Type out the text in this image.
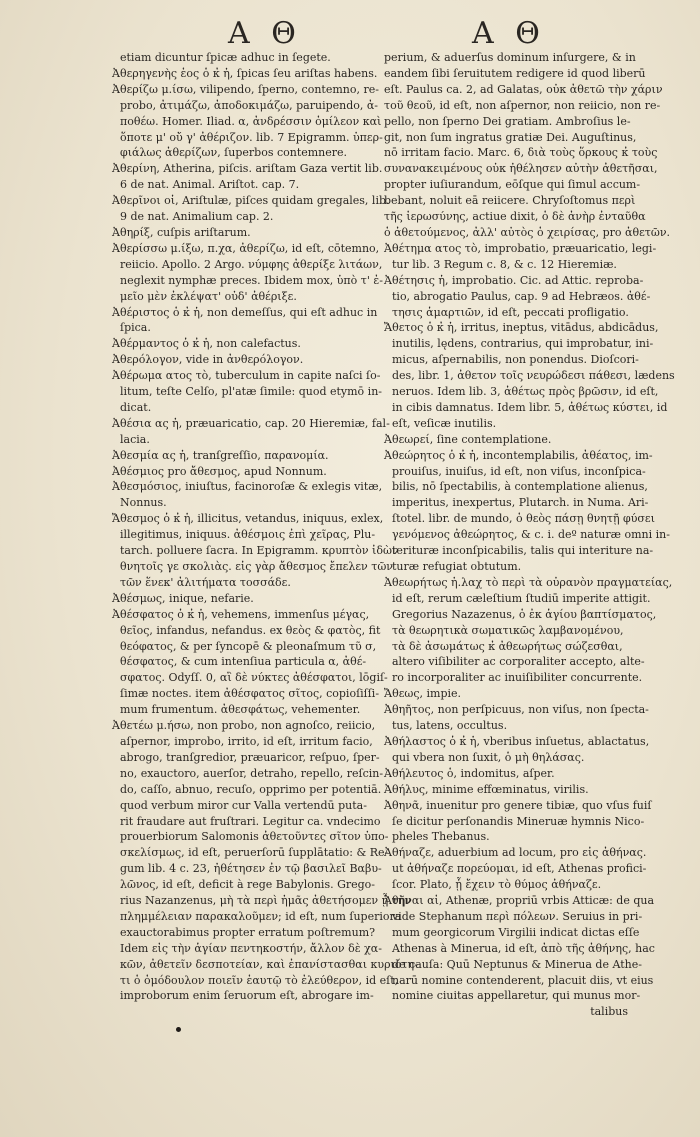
A Θ	A Θ
etiam dicuntur ſpicæ adhuc in ſegete.
Ἀθερηγενὴς ἑος ὁ κ̓ ἡ, ſpicas ſeu ariſtas habens.
Ἀθερίζω μ.ίσω, vilipendo, ſperno, contemno, re-
probo, ἀτιμάζω, ἀποδοκιμάζω, paruipendo, ἀ-
ποθέω. Homer. Iliad. α, ἀνδρέσσιν ὁμίλεον καὶ
ὅποτε μ' οὔ γ' ἀθέριζον. lib. 7 Epigramm. ὑπερ-
φιάλως ἀθερίζων, ſuperbos contemnere.
Ἀθερίνη, Atherina, piſcis. ariſtam Gaza vertit lib.
6 de nat. Animal. Ariſtot. cap. 7.
Ἀθερῖνοι οἱ, Ariſtulæ, piſces quidam gregales, lib.
9 de nat. Animalium cap. 2.
Ἀθηρίξ, cuſpis ariſtarum.
Ἀθερίσσω μ.ίξω, π.χα, ἀθερίζω, id eſt, cōtemno,
reiicio. Apollo. 2 Argo. νύμφης ἀθερίξε λιτάων,
neglexit nymphæ preces. Ibidem mox, ὑπὸ τ' ἐ-
μεῖο μὲν ἐκλέψατ' οὐδ' ἀθέριξε.
Ἀθέριστος ὁ κ̓ ἡ, non demeſſus, qui eſt adhuc in
ſpica.
Ἀθέρμαντος ὁ κ̓ ἡ, non calefactus.
Ἀθερόλογον, vide in ἀνθερόλογον.
Ἀθέρωμα ατος τὸ, tuberculum in capite naſci ſo-
litum, teſte Celſo, pl'atæ ſimile: quod etymō in-
dicat.
Ἀθέσια ας ἡ, præuaricatio, cap. 20 Hieremiæ, fal-
lacia.
Ἀθεσμία ας ἡ, tranſgreſſio, παρανομία.
Ἀθέσμιος pro ἄθεσμος, apud Nonnum.
Ἀθεσμόσιος, iniuſtus, facinoroſæ & exlegis vitæ,
Nonnus.
Ἄθεσμος ὁ κ̓ ἡ, illicitus, vetandus, iniquus, exlex,
illegitimus, iniquus. ἀθέσμοις ἐπὶ χεῖρας, Plu-
tarch. polluere ſacra. In Epigramm. κρυπτὸν ἰδὼν
θνητοῖς γε σκολιὰς. εἰς γὰρ ἄθεσμος ἔπελεν τῶν
τῶν ἕνεκ' ἀλιτήματα τοσσάδε.
Ἀθέσμως, inique, nefarie.
Ἀθέσφατος ὁ κ̓ ἡ, vehemens, immenſus μέγας,
θεῖος, infandus, nefandus. ex θεὸς & φατὸς, fit
θεόφατος, & per ſyncopē & pleonaſmum τῦ σ,
θέσφατος, & cum intenſiua particula α, ἀθέ-
σφατος. Odyſſ. 0, αἳ δὲ νύκτες ἀθέσφατοι, lōgiſ-
ſimæ noctes. item ἀθέσφατος σῖτος, copioſiſſi-
mum frumentum. ἀθεσφάτως, vehementer.
Ἀθετέω μ.ήσω, non probo, non agnoſco, reiicio,
aſpernor, improbo, irrito, id eſt, irritum facio,
abrogo, tranſgredior, præuaricor, reſpuo, ſper-
no, exauctoro, auerſor, detraho, repello, reſcin-
do, caſſo, abnuo, recuſo, opprimo per potentiā.
quod verbum miror cur Valla vertendū puta-
rit fraudare aut fruſtrari. Legitur ca. vndecimo
prouerbiorum Salomonis ἀθετοῦντες σῖτον ὑπο-
σκελίσμως, id eſt, peruerſorū ſupplātatio: & Re-
gum lib. 4 c. 23, ἠθέτησεν ἐν τῷ βασιλεῖ Βαβυ-
λῶνος, id eſt, deficit à rege Babylonis. Grego-
rius Nazanzenus, μὴ τὰ περὶ ἡμᾶς ἀθετήσομεν ᾗ τὴν
πλημμέλειαν παρακαλοῦμεν; id eſt, num ſuperiora
exauctorabimus propter erratum poſtremum?
Idem εἰς τὴν ἁγίαν πεντηκοστήν, ἄλλον δὲ χα-
κῶν, ἀθετεῖν δεσποτείαν, καὶ ἐπανίστασθαι κυριότη-
τι ὁ ὁμόδουλον ποιεῖν ἑαυτῷ τὸ ἐλεύθερον, id eſt,
improborum enim ſeruorum eſt, abrogare im-
perium, & aduerſus dominum inſurgere, & in
eandem ſibi ſeruitutem redigere id quod liberū
eſt. Paulus ca. 2, ad Galatas, οὐκ ἀθετῶ τὴν χάριν
τοῦ θεοῦ, id eſt, non aſpernor, non reiicio, non re-
pello, non ſperno Dei gratiam. Ambroſius le-
git, non ſum ingratus gratiæ Dei. Auguſtinus,
nō irritam facio. Marc. 6, διὰ τοὺς ὅρκους κ̓ τοὺς
συνανακειμένους οὐκ ἠθέλησεν αὐτὴν ἀθετῆσαι,
propter iuſiurandum, eōſque qui ſimul accum-
bebant, noluit eā reiicere. Chryſoſtomus περὶ
τῆς ἱερωσύνης, actiue dixit, ὁ δὲ ἀνὴρ ἐνταῦθα
ὁ ἀθετούμενος, ἀλλ' αὐτὸς ὁ χειρίσας, pro ἀθετῶν.
Ἀθέτημα ατος τὸ, improbatio, præuaricatio, legi-
tur lib. 3 Regum c. 8, & c. 12 Hieremiæ.
Ἀθέτησις ἡ, improbatio. Cic. ad Attic. reproba-
tio, abrogatio Paulus, cap. 9 ad Hebræos. ἀθέ-
τησις ἁμαρτιῶν, id eſt, peccati profligatio.
Ἄθετος ὁ κ̓ ἡ, irritus, ineptus, vitādus, abdicādus,
inutilis, lędens, contrarius, qui improbatur, ini-
micus, aſpernabilis, non ponendus. Dioſcori-
des, libr. 1, ἀθετον τοῖς νευρώδεσι πάθεσι, lædens
neruos. Idem lib. 3, ἀθέτως πρὸς βρῶσιν, id eſt,
in cibis damnatus. Idem libr. 5, ἀθέτως κύστει, id
eſt, veſicæ inutilis.
Ἀθεωρεί, ſine contemplatione.
Ἀθεώρητος ὁ κ̓ ἡ, incontemplabilis, ἀθέατος, im-
prouiſus, inuiſus, id eſt, non viſus, inconſpica-
bilis, nō ſpectabilis, à contemplatione alienus,
imperitus, inexpertus, Plutarch. in Numa. Ari-
ſtotel. libr. de mundo, ὁ θεὸς πάσῃ θνητῇ φύσει
γενόμενος ἀθεώρητος, & c. i. deº naturæ omni in-
terituræ inconſpicabilis, talis qui interiture na-
turæ refugiat obtutum.
Ἀθεωρήτως ἡ.λαχ τὸ περὶ τὰ οὐρανὸν πραγματείας,
id eſt, rerum cæleſtium ſtudiū imperite attigit.
Gregorius Nazazenus, ὁ ἐκ ἁγίου βαπτίσματος,
τὰ θεωρητικὰ σωματικῶς λαμβανομένου,
τὰ δὲ ἀσωμάτως κ̓ ἀθεωρήτως σώζεσθαι,
altero viſibiliter ac corporaliter accepto, alte-
ro incorporaliter ac inuiſibiliter concurrente.
Ἄθεως, impie.
Ἀθηῆτος, non perſpicuus, non viſus, non ſpecta-
tus, latens, occultus.
Ἀθήλαστος ὁ κ̓ ἡ, vberibus inſuetus, ablactatus,
qui vbera non ſuxit, ὁ μὴ θηλάσας.
Ἀθήλευτος ὁ, indomitus, aſper.
Ἀθήλυς, minime effœminatus, virilis.
Ἀθηνᾶ, inuenitur pro genere tibiæ, quo vſus fuiſ
ſe dicitur perſonandis Mineruæ hymnis Nico-
pheles Thebanus.
Ἀθήναζε, aduerbium ad locum, pro εἰς ἀθήνας.
ut ἀθήναζε πορεύομαι, id eſt, Athenas profici-
ſcor. Plato, ᾗ ἔχειν τὸ θύμος ἀθήναζε.
Ἀθῆναι αἱ, Athenæ, propriū vrbis Atticæ: de qua
vide Stephanum περὶ πόλεων. Seruius in pri-
mum georgicorum Virgilii indicat dictas eſſe
Athenas à Minerua, id eſt, ἀπὸ τῆς ἀθήνης, hac
de cauſa: Quū Neptunus & Minerua de Athe-
narū nomine contenderent, placuit diis, vt eius
nomine ciuitas appellaretur, qui munus mor-
talibus
